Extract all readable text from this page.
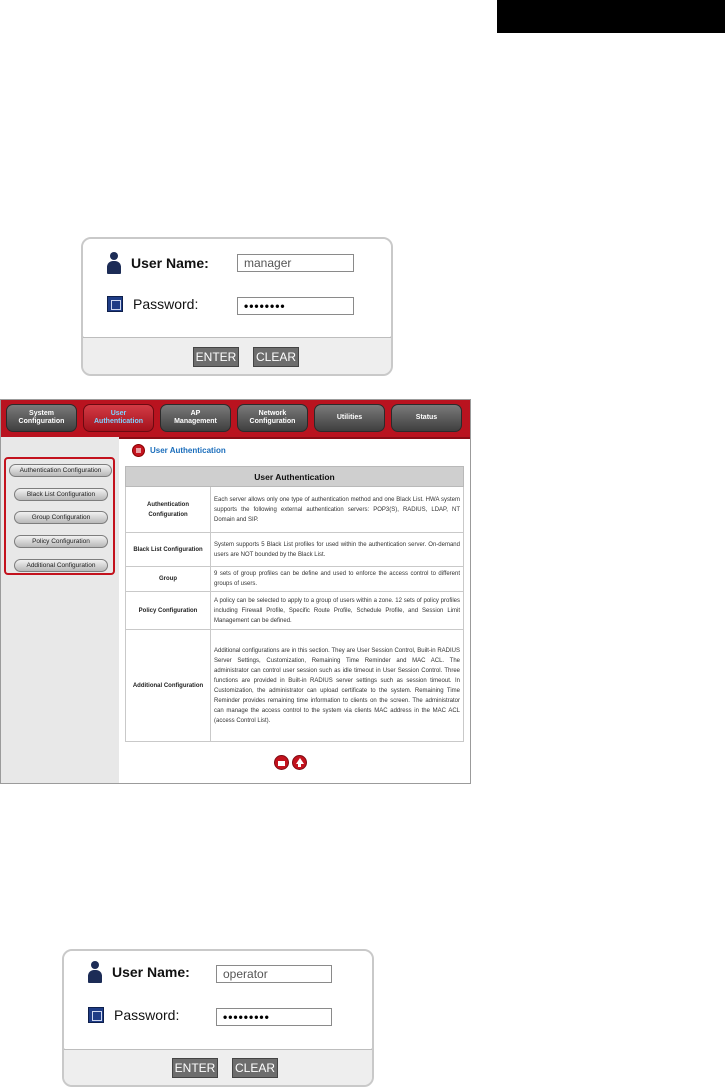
User Name:	manager
Password:	••••••••
ENTER CLEAR
System
Configuration
User
Authentication
AP
Management
Network
Configuration
Utilities	Status
Authentication Configuration
Black List Configuration
Group Configuration
Policy Configuration
Additional Configuration
User Authentication
User Authentication	
Authentication Configuration	Each server allows only one type of authentication method and one Black List. HWA system supports the following external authentication servers: POP3(S), RADIUS, LDAP, NT Domain and SIP.
Black List Configuration	System supports 5 Black List profiles for used within the authentication server. On-demand users are NOT bounded by the Black List.
Group	9 sets of group profiles can be define and used to enforce the access control to different groups of users.
Policy Configuration	A policy can be selected to apply to a group of users within a zone. 12 sets of policy profiles including Firewall Profile, Specific Route Profile, Schedule Profile, and Session Limit Management can be defined.
Additional Configuration	Additional configurations are in this section. They are User Session Control, Built-in RADIUS Server Settings, Customization, Remaining Time Reminder and MAC ACL. The administrator can control user session such as idle timeout in User Session Control. Three functions are provided in Built-in RADIUS server settings such as session timeout. In Customization, the administrator can upload certificate to the system. Remaining Time Reminder provides remaining time information to clients on the screen. The administrator can manage the access control to the system via clients MAC address in the MAC ACL (access Control List).
User Name:	operator
Password:	•••••••••
ENTER CLEAR
